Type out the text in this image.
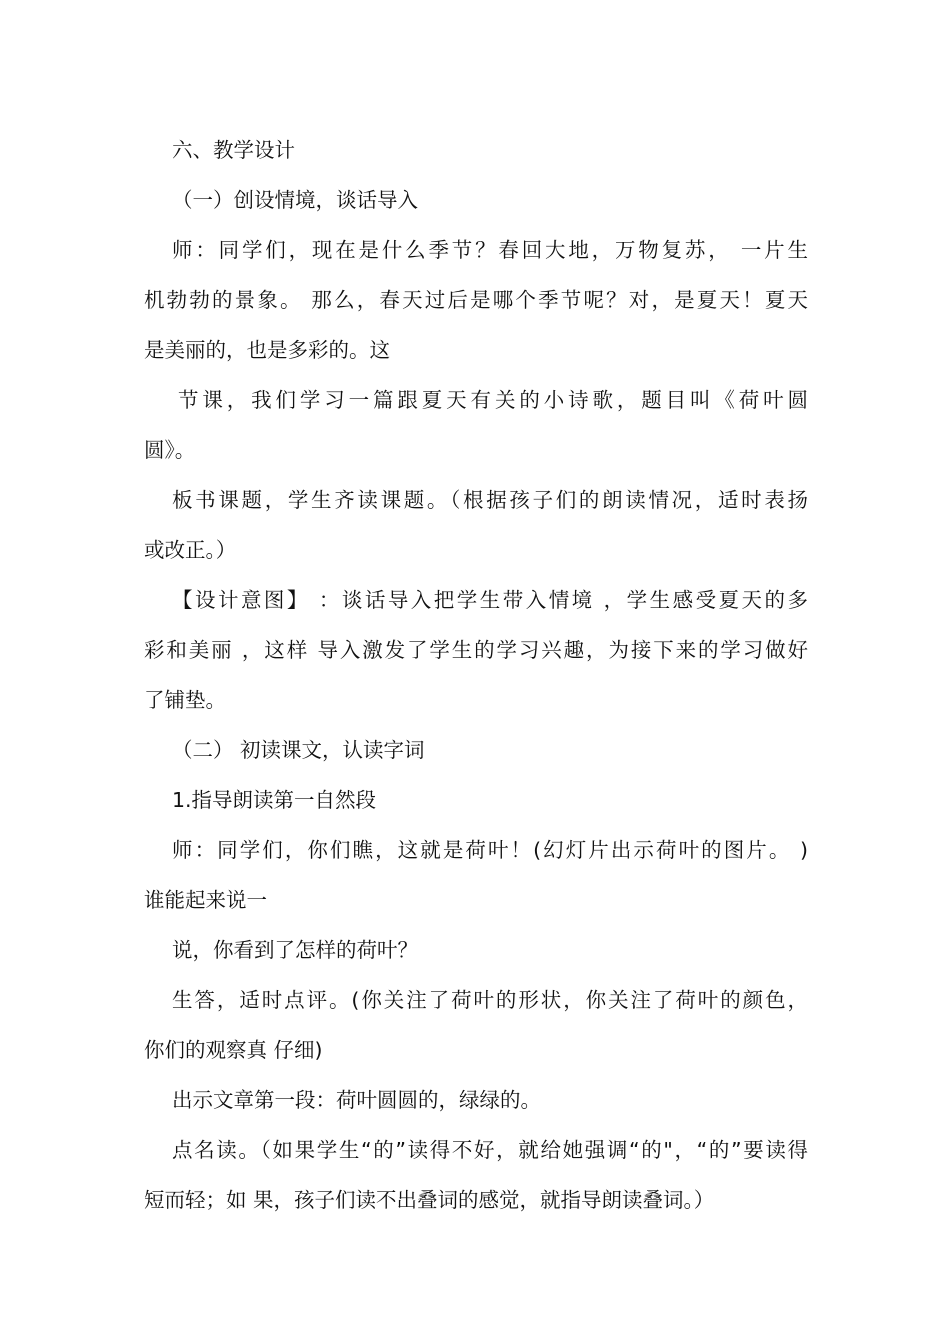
六、教学设计
（一）创设情境，谈话导入
师：同学们，现在是什么季节？春回大地，万物复苏， 一片生
机勃勃的景象。 那么，春天过后是哪个季节呢？对，是夏天！夏天
是美丽的，也是多彩的。这
节课，我们学习一篇跟夏天有关的小诗歌，题目叫《荷叶圆
圆》。
板书课题，学生齐读课题。（根据孩子们的朗读情况，适时表扬
或改正。）
【设计意图】 ：谈话导入把学生带入情境 ，学生感受夏天的多
彩和美丽 ，这样 导入激发了学生的学习兴趣，为接下来的学习做好
了铺垫。
（二） 初读课文，认读字词
1.指导朗读第一自然段
师：同学们，你们瞧，这就是荷叶！(幻灯片出示荷叶的图片。 )
谁能起来说一
说，你看到了怎样的荷叶？
生答，适时点评。(你关注了荷叶的形状，你关注了荷叶的颜色，
你们的观察真 仔细)
出示文章第一段：荷叶圆圆的，绿绿的。
点名读。（如果学生“的”读得不好，就给她强调“的"，“的”要读得
短而轻；如 果，孩子们读不出叠词的感觉，就指导朗读叠词。）
